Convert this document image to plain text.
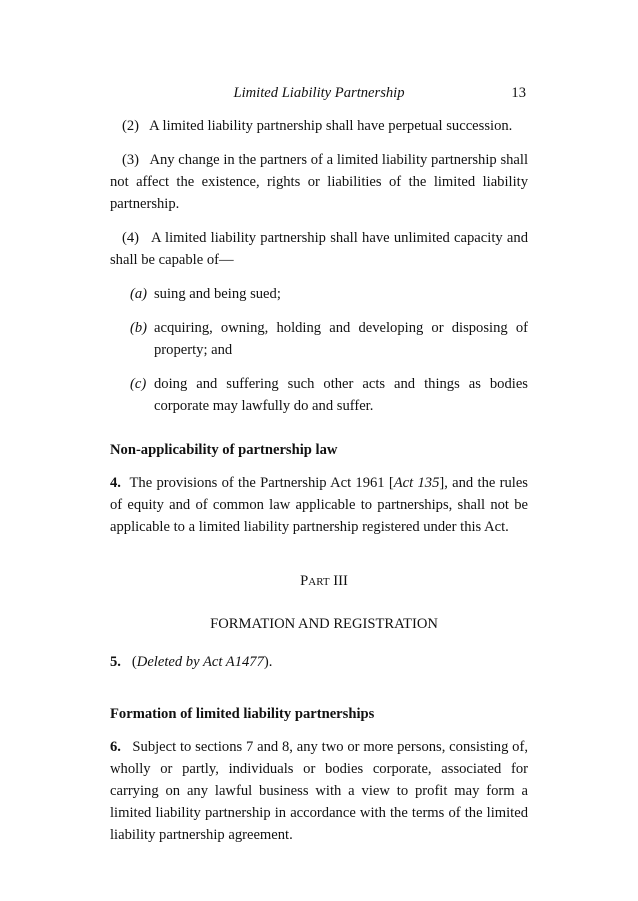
Limited Liability Partnership	13

(2) A limited liability partnership shall have perpetual succession.

(3) Any change in the partners of a limited liability partnership shall not affect the existence, rights or liabilities of the limited liability partnership.

(4) A limited liability partnership shall have unlimited capacity and shall be capable of—

(a) suing and being sued;

(b) acquiring, owning, holding and developing or disposing of property; and

(c) doing and suffering such other acts and things as bodies corporate may lawfully do and suffer.

Non-applicability of partnership law

4. The provisions of the Partnership Act 1961 [Act 135], and the rules of equity and of common law applicable to partnerships, shall not be applicable to a limited liability partnership registered under this Act.

PART III

FORMATION AND REGISTRATION

5. (Deleted by Act A1477).

Formation of limited liability partnerships

6. Subject to sections 7 and 8, any two or more persons, consisting of, wholly or partly, individuals or bodies corporate, associated for carrying on any lawful business with a view to profit may form a limited liability partnership in accordance with the terms of the limited liability partnership agreement.
